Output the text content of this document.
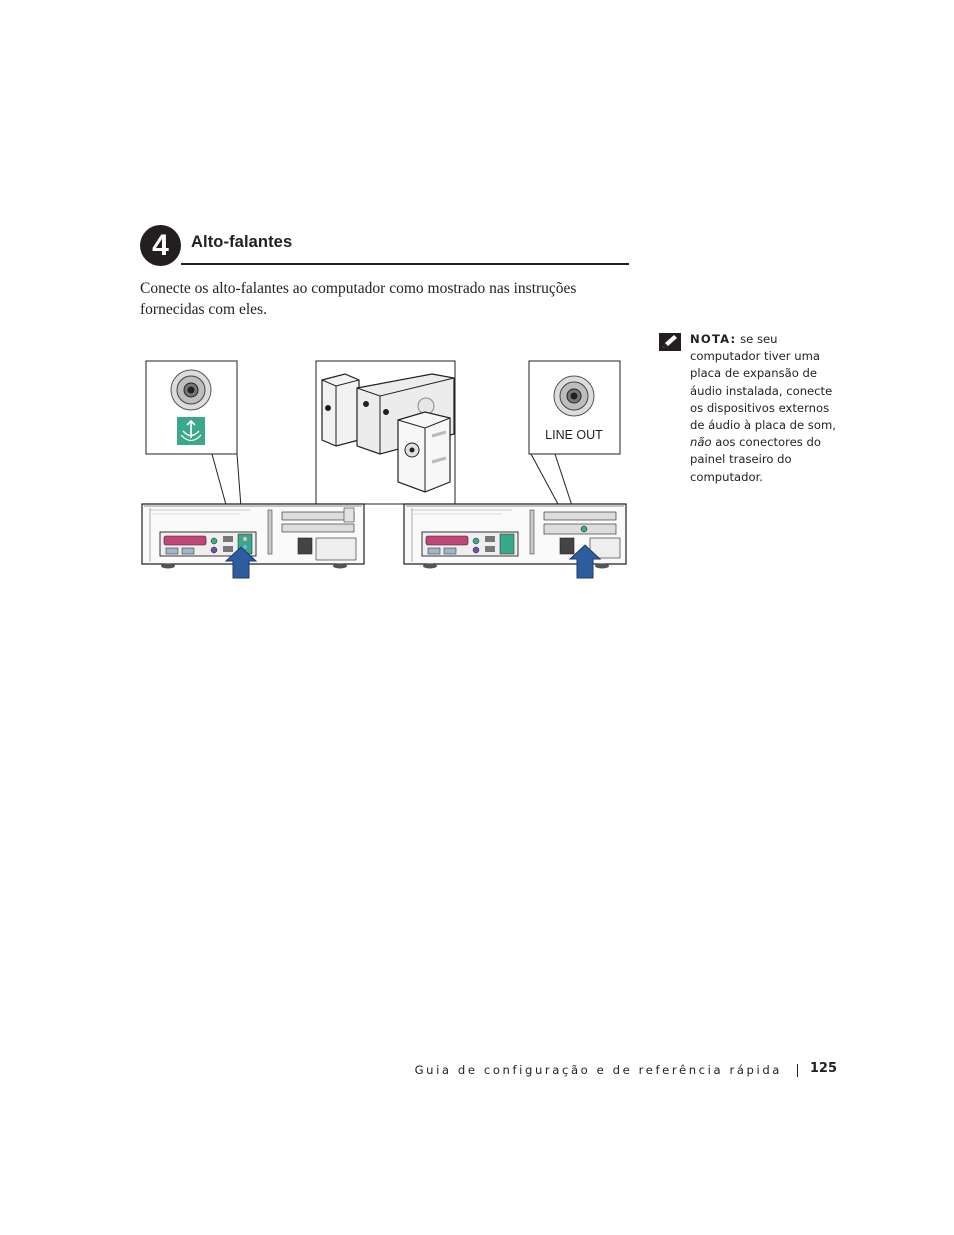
4	Alto-falantes

Conecte os alto-falantes ao computador como mostrado nas instruções fornecidas com eles.

LINE OUT

NOTA: se seu computador tiver uma placa de expansão de áudio instalada, conecte os dispositivos externos de áudio à placa de som, não aos conectores do painel traseiro do computador.

Guia de configuração e de referência rápida 125
